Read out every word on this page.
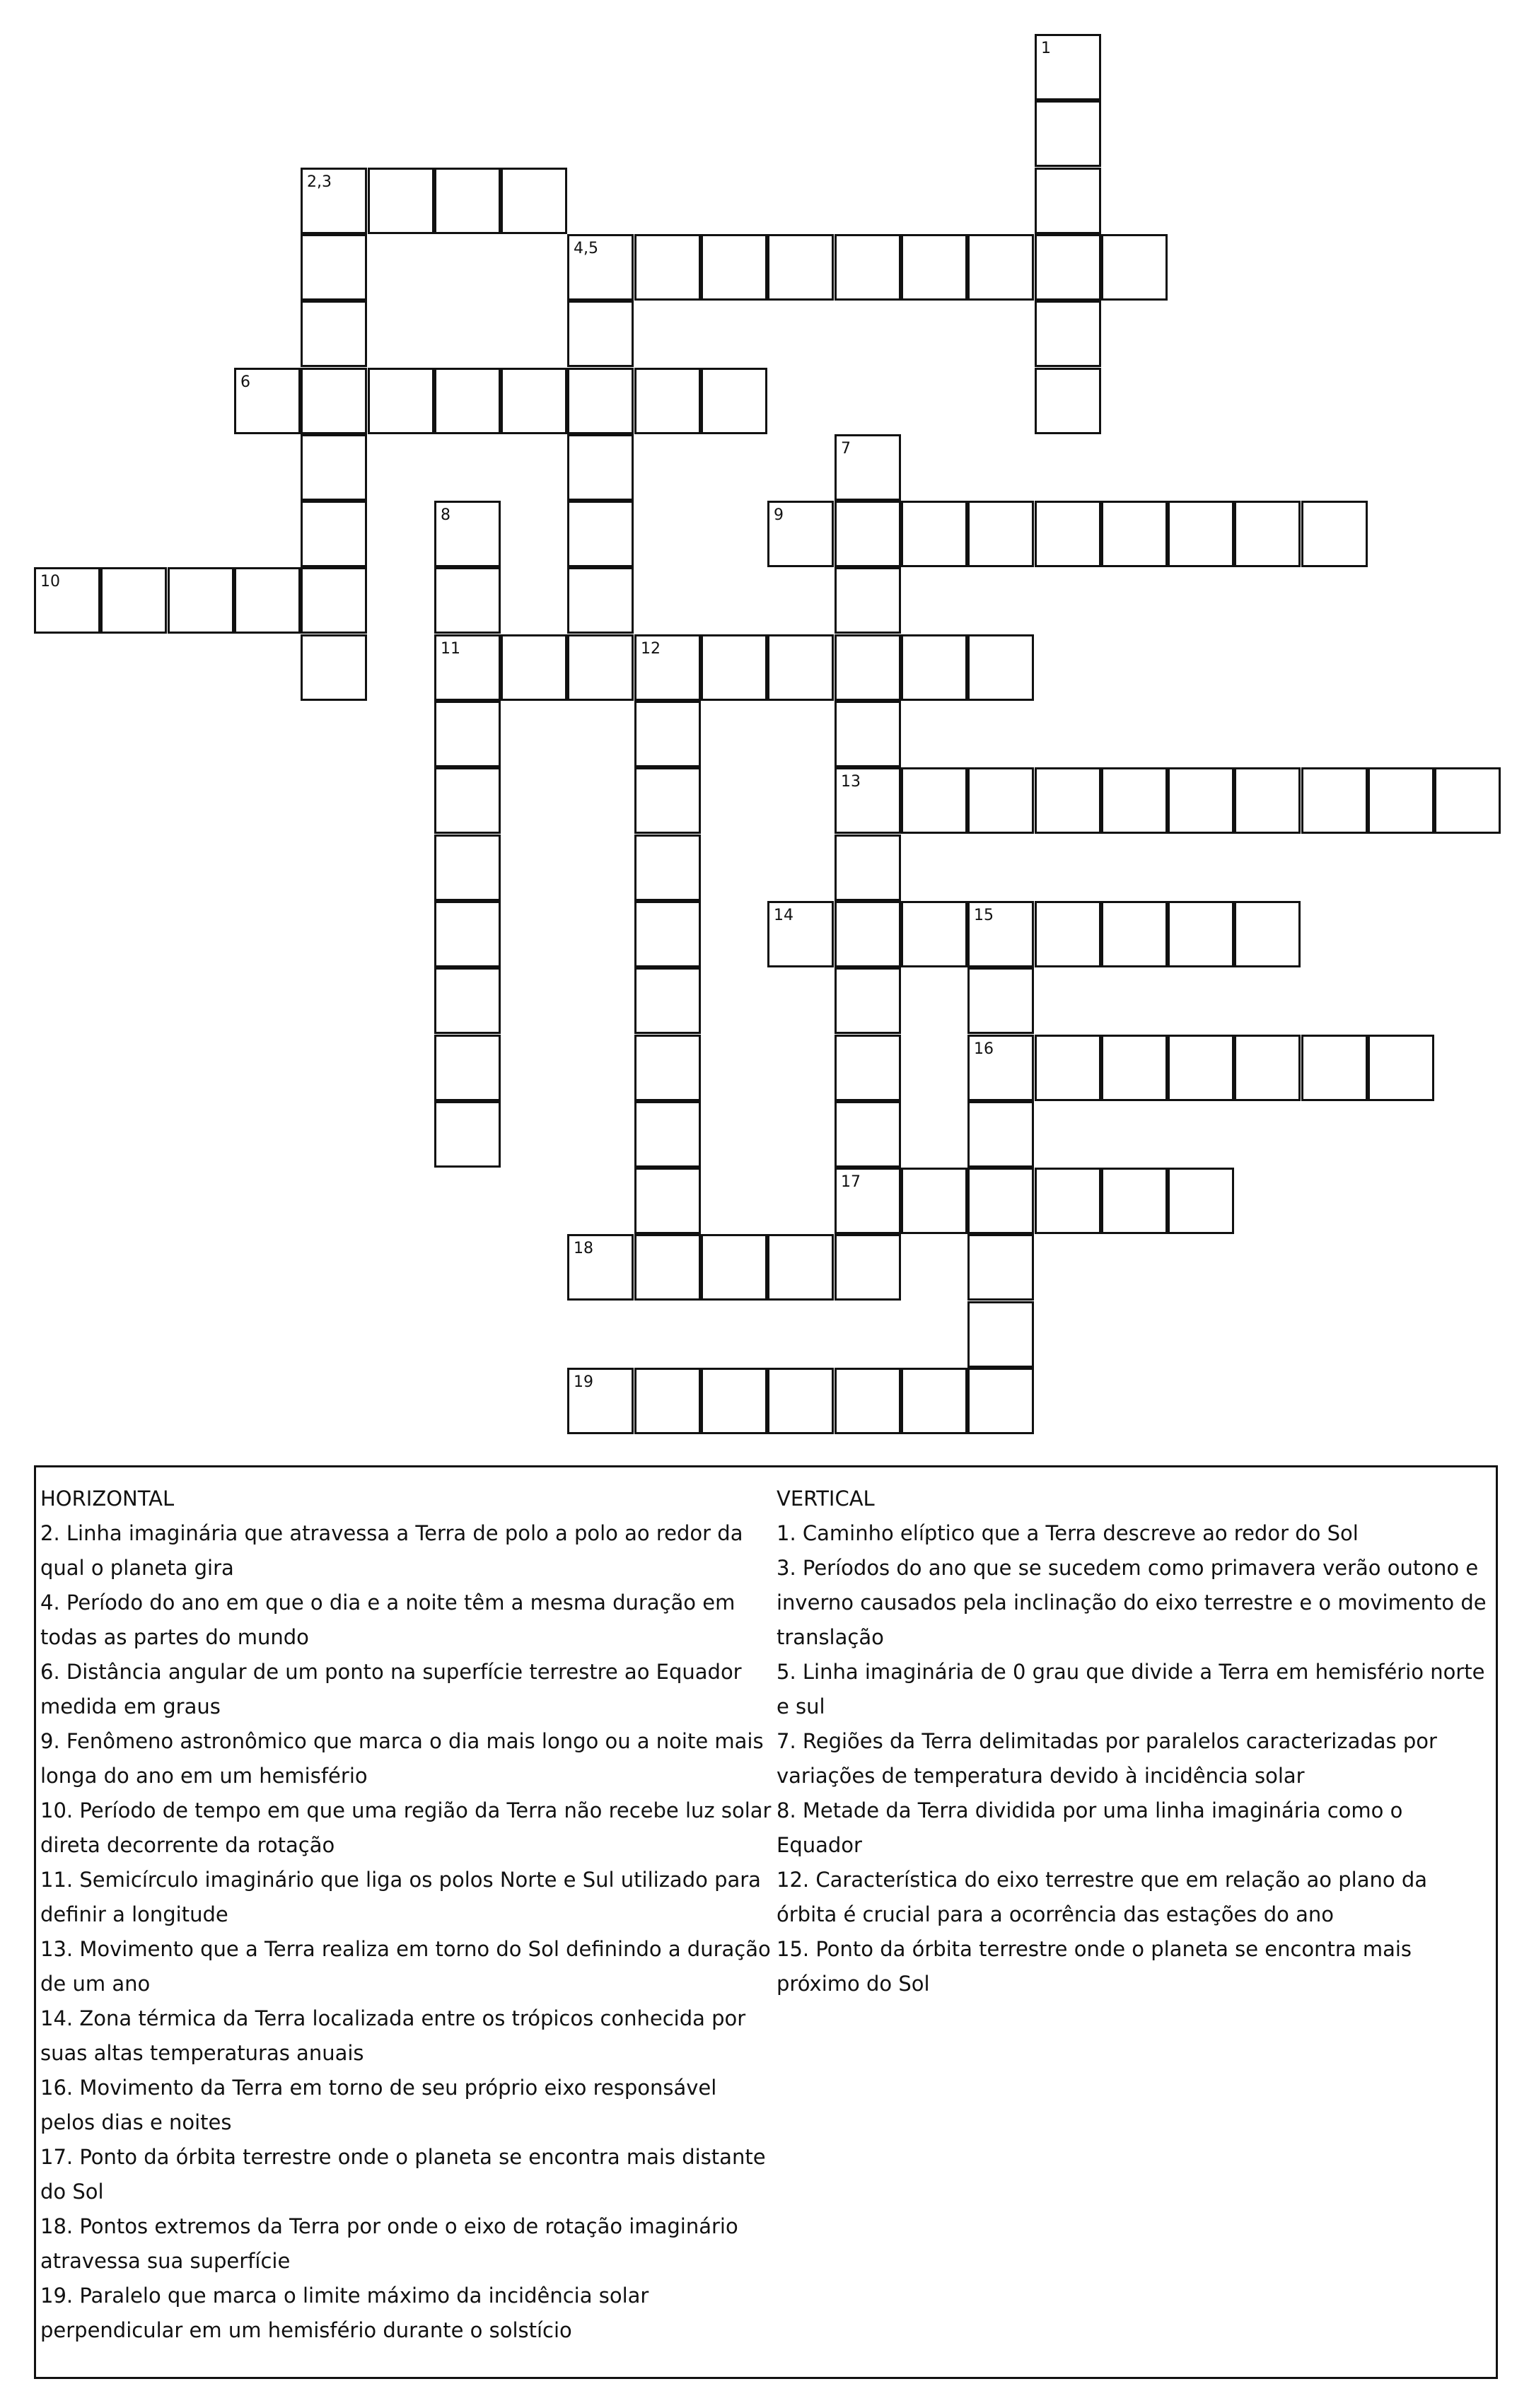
1
2,3
4,5
6
7
8	9
10
11	12
13
14	15
16
17
18
19
HORIZONTAL
2. Linha imaginária que atravessa a Terra de polo a polo ao redor da qual o planeta gira
4. Período do ano em que o dia e a noite têm a mesma duração em todas as partes do mundo
6. Distância angular de um ponto na superfície terrestre ao Equador medida em graus
9. Fenômeno astronômico que marca o dia mais longo ou a noite mais longa do ano em um hemisfério
10. Período de tempo em que uma região da Terra não recebe luz solar direta decorrente da rotação
11. Semicírculo imaginário que liga os polos Norte e Sul utilizado para definir a longitude
13. Movimento que a Terra realiza em torno do Sol definindo a duração de um ano
14. Zona térmica da Terra localizada entre os trópicos conhecida por suas altas temperaturas anuais
16. Movimento da Terra em torno de seu próprio eixo responsável pelos dias e noites
17. Ponto da órbita terrestre onde o planeta se encontra mais distante do Sol
18. Pontos extremos da Terra por onde o eixo de rotação imaginário atravessa sua superfície
19. Paralelo que marca o limite máximo da incidência solar perpendicular em um hemisfério durante o solstício
VERTICAL
1. Caminho elíptico que a Terra descreve ao redor do Sol
3. Períodos do ano que se sucedem como primavera verão outono e inverno causados pela inclinação do eixo terrestre e o movimento de translação
5. Linha imaginária de 0 grau que divide a Terra em hemisfério norte e sul
7. Regiões da Terra delimitadas por paralelos caracterizadas por variações de temperatura devido à incidência solar
8. Metade da Terra dividida por uma linha imaginária como o Equador
12. Característica do eixo terrestre que em relação ao plano da órbita é crucial para a ocorrência das estações do ano
15. Ponto da órbita terrestre onde o planeta se encontra mais próximo do Sol
